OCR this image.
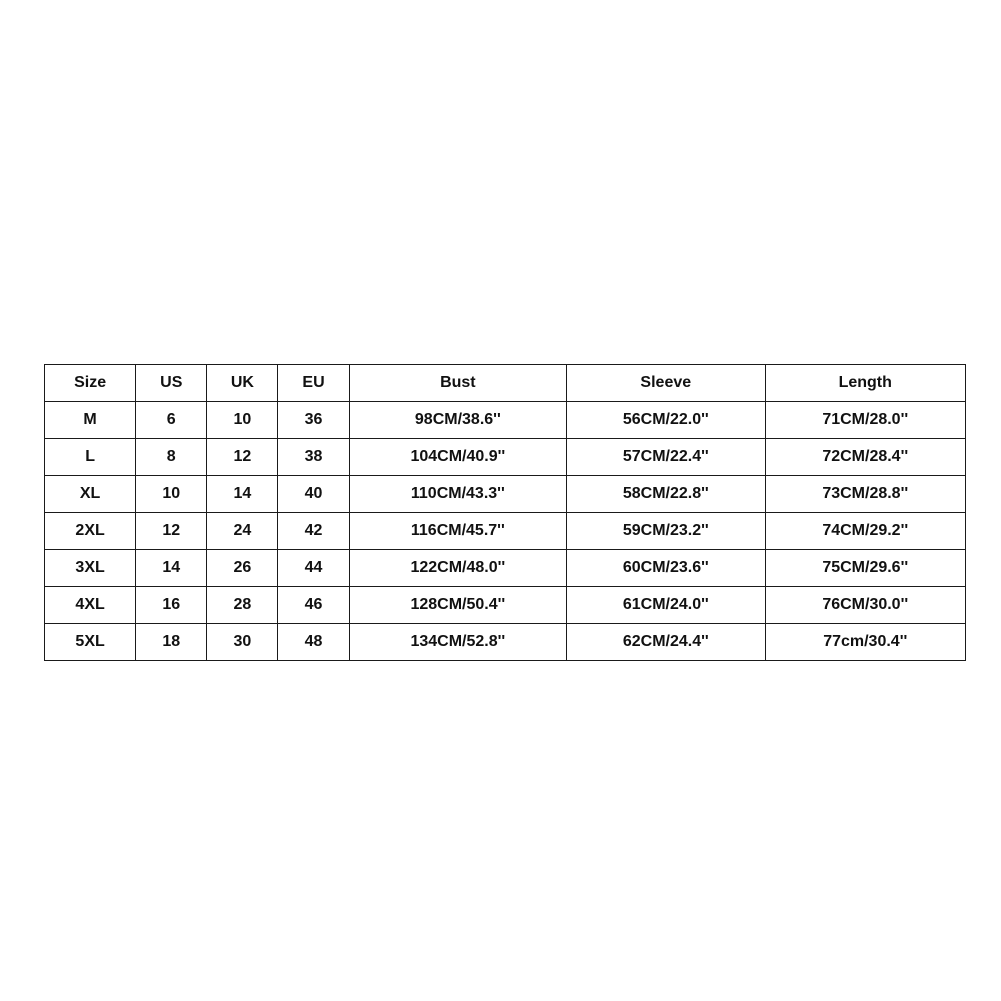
Size	US	UK	EU	Bust	Sleeve	Length
M	6	10	36	98CM/38.6''	56CM/22.0''	71CM/28.0''
L	8	12	38	104CM/40.9''	57CM/22.4''	72CM/28.4''
XL	10	14	40	110CM/43.3''	58CM/22.8''	73CM/28.8''
2XL	12	24	42	116CM/45.7''	59CM/23.2''	74CM/29.2''
3XL	14	26	44	122CM/48.0''	60CM/23.6''	75CM/29.6''
4XL	16	28	46	128CM/50.4''	61CM/24.0''	76CM/30.0''
5XL	18	30	48	134CM/52.8''	62CM/24.4''	77cm/30.4''
